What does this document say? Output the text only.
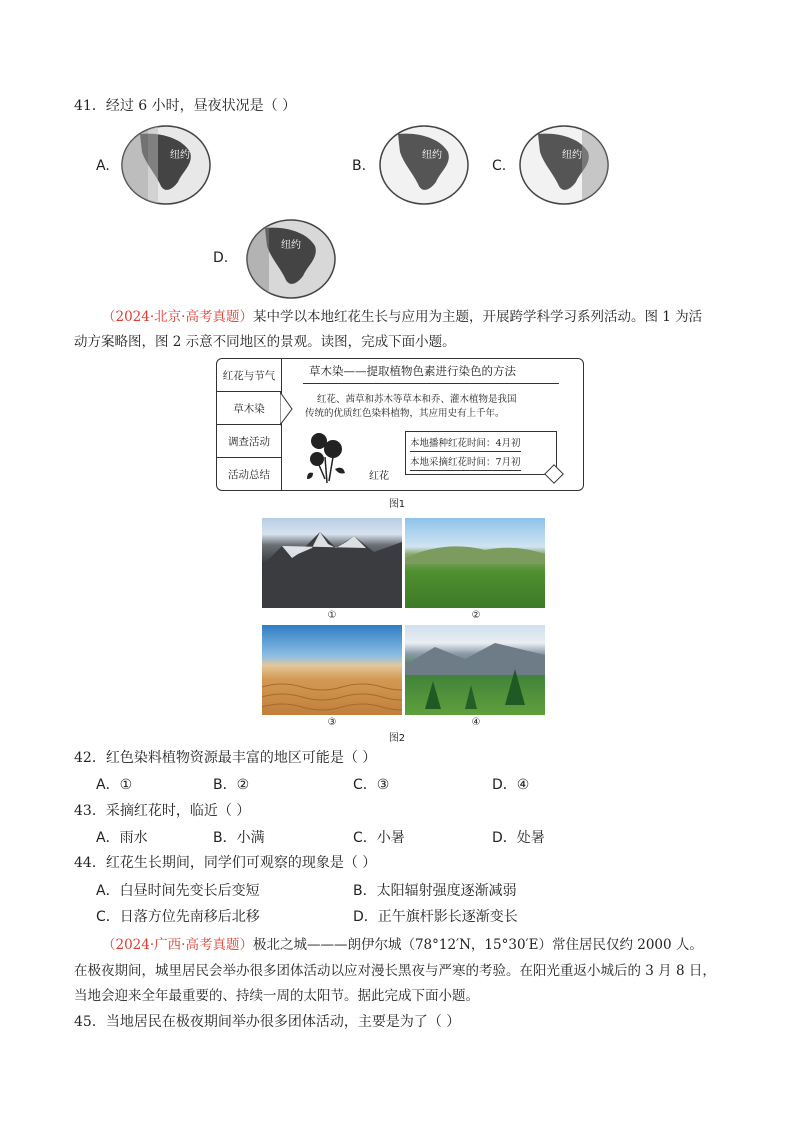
41．经过 6 小时，昼夜状况是（ ）
A.
纽约
B.
纽约
C.
纽约
D.
纽约
（2024·北京·高考真题）某中学以本地红花生长与应用为主题，开展跨学科学习系列活动。图 1 为活
动方案略图，图 2 示意不同地区的景观。读图，完成下面小题。
红花与节气
草木染
调查活动
活动总结
草木染——提取植物色素进行染色的方法
红花、茜草和苏木等草本和乔、灌木植物是我国
传统的优质红色染料植物，其应用史有上千年。
红花
本地播种红花时间：4月初
本地采摘红花时间：7月初
图1
①	②
③	④
图2
42．红色染料植物资源最丰富的地区可能是（ ）
A．①	B．②	C．③	D．④
43．采摘红花时，临近（ ）
A．雨水	B．小满	C．小暑	D．处暑
44．红花生长期间，同学们可观察的现象是（ ）
A．白昼时间先变长后变短	B．太阳辐射强度逐渐减弱
C．日落方位先南移后北移	D．正午旗杆影长逐渐变长
（2024·广西·高考真题）极北之城———朗伊尔城（78°12′N，15°30′E）常住居民仅约 2000 人。
在极夜期间，城里居民会举办很多团体活动以应对漫长黑夜与严寒的考验。在阳光重返小城后的 3 月 8 日，
当地会迎来全年最重要的、持续一周的太阳节。据此完成下面小题。
45．当地居民在极夜期间举办很多团体活动，主要是为了（ ）
